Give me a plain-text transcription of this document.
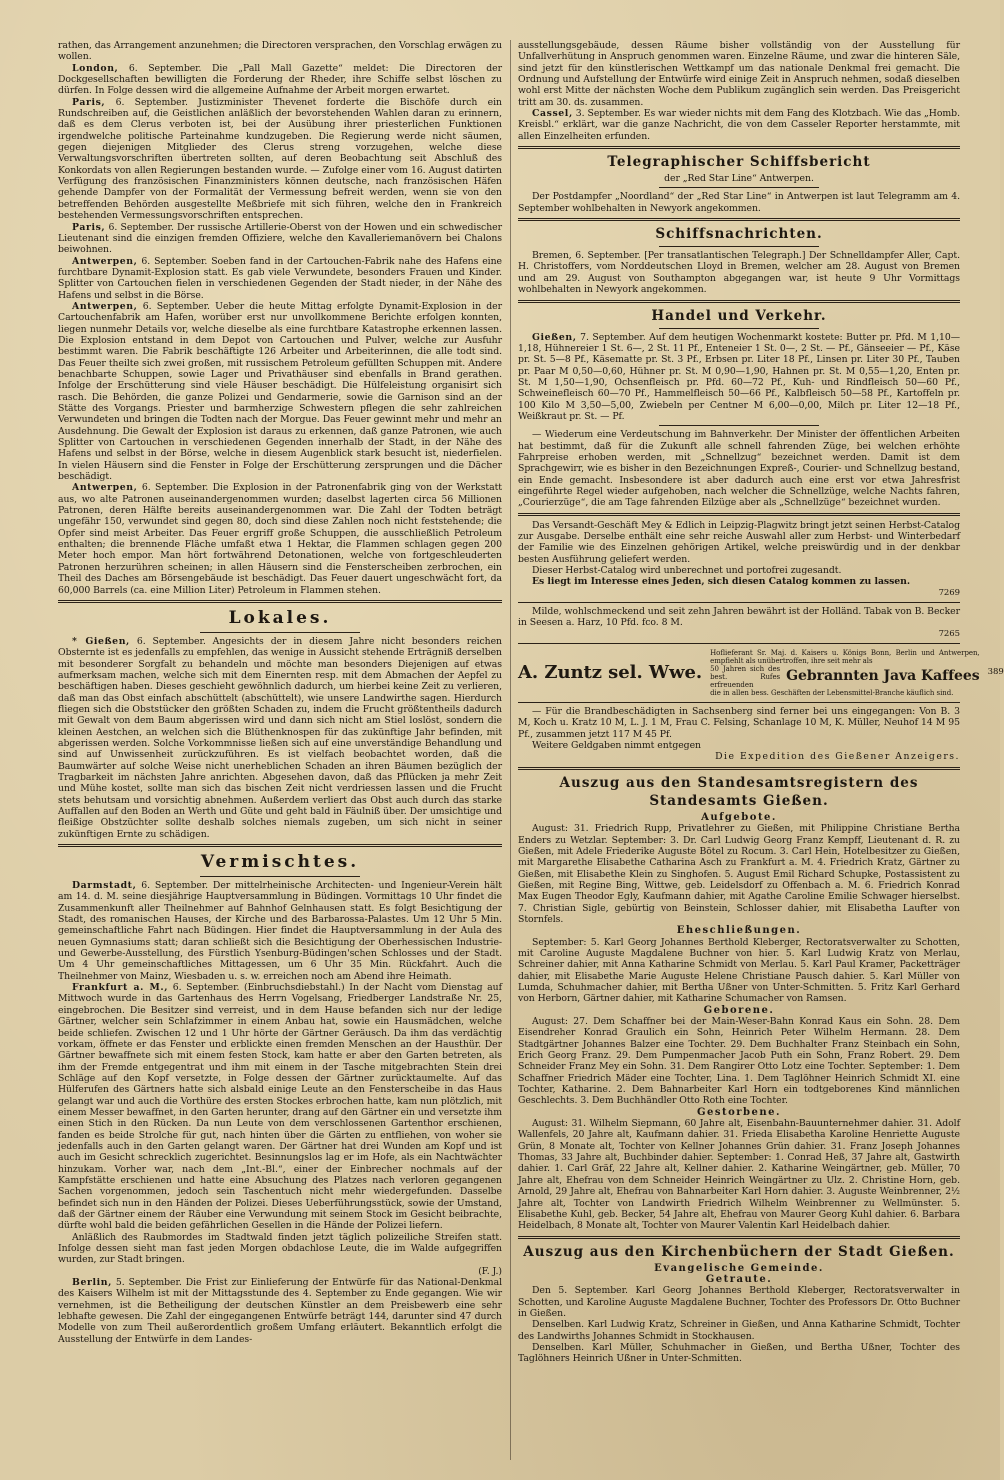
rathen, das Arrangement anzunehmen; die Directoren versprachen, den Vorschlag erwägen zu wollen.

London, 6. September. Die „Pall Mall Gazette“ meldet: Die Directoren der Dockgesellschaften bewilligten die Forderung der Rheder, ihre Schiffe selbst löschen zu dürfen. In Folge dessen wird die allgemeine Aufnahme der Arbeit morgen erwartet.

Paris, 6. September. Justizminister Thevenet forderte die Bischöfe durch ein Rundschreiben auf, die Geistlichen anläßlich der bevorstehenden Wahlen daran zu erinnern, daß es dem Clerus verboten ist, bei der Ausübung ihrer priesterlichen Funktionen irgendwelche politische Parteinahme kundzugeben. Die Regierung werde nicht säumen, gegen diejenigen Mitglieder des Clerus streng vorzugehen, welche diese Verwaltungsvorschriften übertreten sollten, auf deren Beobachtung seit Abschluß des Konkordats von allen Regierungen bestanden wurde. — Zufolge einer vom 16. August datirten Verfügung des französischen Finanzministers können deutsche, nach französischen Häfen gehende Dampfer von der Formalität der Vermessung befreit werden, wenn sie von den betreffenden Behörden ausgestellte Meßbriefe mit sich führen, welche den in Frankreich bestehenden Vermessungsvorschriften entsprechen.

Paris, 6. September. Der russische Artillerie-Oberst von der Howen und ein schwedischer Lieutenant sind die einzigen fremden Offiziere, welche den Kavalleriemanövern bei Chalons beiwohnen.

Antwerpen, 6. September. Soeben fand in der Cartouchen-Fabrik nahe des Hafens eine furchtbare Dynamit-Explosion statt. Es gab viele Verwundete, besonders Frauen und Kinder. Splitter von Cartouchen fielen in verschiedenen Gegenden der Stadt nieder, in der Nähe des Hafens und selbst in die Börse.

Antwerpen, 6. September. Ueber die heute Mittag erfolgte Dynamit-Explosion in der Cartouchenfabrik am Hafen, worüber erst nur unvollkommene Berichte erfolgen konnten, liegen nunmehr Details vor, welche dieselbe als eine furchtbare Katastrophe erkennen lassen. Die Explosion entstand in dem Depot von Cartouchen und Pulver, welche zur Ausfuhr bestimmt waren. Die Fabrik beschäftigte 126 Arbeiter und Arbeiterinnen, die alle todt sind. Das Feuer theilte sich zwei großen, mit russischem Petroleum gefüllten Schuppen mit. Andere benachbarte Schuppen, sowie Lager und Privathäuser sind ebenfalls in Brand gerathen. Infolge der Erschütterung sind viele Häuser beschädigt. Die Hülfeleistung organisirt sich rasch. Die Behörden, die ganze Polizei und Gendarmerie, sowie die Garnison sind an der Stätte des Vorgangs. Priester und barmherzige Schwestern pflegen die sehr zahlreichen Verwundeten und bringen die Todten nach der Morgue. Das Feuer gewinnt mehr und mehr an Ausdehnung. Die Gewalt der Explosion ist daraus zu erkennen, daß ganze Patronen, wie auch Splitter von Cartouchen in verschiedenen Gegenden innerhalb der Stadt, in der Nähe des Hafens und selbst in der Börse, welche in diesem Augenblick stark besucht ist, niederfielen. In vielen Häusern sind die Fenster in Folge der Erschütterung zersprungen und die Dächer beschädigt.

Antwerpen, 6. September. Die Explosion in der Patronenfabrik ging von der Werkstatt aus, wo alte Patronen auseinandergenommen wurden; daselbst lagerten circa 56 Millionen Patronen, deren Hälfte bereits auseinandergenommen war. Die Zahl der Todten beträgt ungefähr 150, verwundet sind gegen 80, doch sind diese Zahlen noch nicht feststehende; die Opfer sind meist Arbeiter. Das Feuer ergriff große Schuppen, die ausschließlich Petroleum enthalten; die brennende Fläche umfaßt etwa 1 Hektar, die Flammen schlagen gegen 200 Meter hoch empor. Man hört fortwährend Detonationen, welche von fortgeschleuderten Patronen herzurühren scheinen; in allen Häusern sind die Fensterscheiben zerbrochen, ein Theil des Daches am Börsengebäude ist beschädigt. Das Feuer dauert ungeschwächt fort, da 60,000 Barrels (ca. eine Million Liter) Petroleum in Flammen stehen.

Lokales.

* Gießen, 6. September. Angesichts der in diesem Jahre nicht besonders reichen Obsternte ist es jedenfalls zu empfehlen, das wenige in Aussicht stehende Erträgniß derselben mit besonderer Sorgfalt zu behandeln und möchte man besonders Diejenigen auf etwas aufmerksam machen, welche sich mit dem Einernten resp. mit dem Abmachen der Aepfel zu beschäftigen haben. Dieses geschieht gewöhnlich dadurch, um hierbei keine Zeit zu verlieren, daß man das Obst einfach abschüttelt (abschüttelt), wie unsere Landwirthe sagen. Hierdurch fliegen sich die Obststücker den größten Schaden zu, indem die Frucht größtentheils dadurch mit Gewalt von dem Baum abgerissen wird und dann sich nicht am Stiel loslöst, sondern die kleinen Aestchen, an welchen sich die Blüthenknospen für das zukünftige Jahr befinden, mit abgerissen werden. Solche Vorkommnisse ließen sich auf eine unverständige Behandlung und sind auf Unwissenheit zurückzuführen. Es ist vielfach beobachtet worden, daß die Baumwärter auf solche Weise nicht unerheblichen Schaden an ihren Bäumen bezüglich der Tragbarkeit im nächsten Jahre anrichten. Abgesehen davon, daß das Pflücken ja mehr Zeit und Mühe kostet, sollte man sich das bischen Zeit nicht verdriessen lassen und die Frucht stets behutsam und vorsichtig abnehmen. Außerdem verliert das Obst auch durch das starke Auffallen auf den Boden an Werth und Güte und geht bald in Fäulniß über. Der umsichtige und fleißige Obstzüchter sollte deshalb solches niemals zugeben, um sich nicht in seiner zukünftigen Ernte zu schädigen.

Vermischtes.

Darmstadt, 6. September. Der mittelrheinische Architecten- und Ingenieur-Verein hält am 14. d. M. seine diesjährige Hauptversammlung in Büdingen. Vormittags 10 Uhr findet die Zusammenkunft aller Theilnehmer auf Bahnhof Gelnhausen statt. Es folgt Besichtigung der Stadt, des romanischen Hauses, der Kirche und des Barbarossa-Palastes. Um 12 Uhr 5 Min. gemeinschaftliche Fahrt nach Büdingen. Hier findet die Hauptversammlung in der Aula des neuen Gymnasiums statt; daran schließt sich die Besichtigung der Oberhessischen Industrie- und Gewerbe-Ausstellung, des Fürstlich Ysenburg-Büdingen'schen Schlosses und der Stadt. Um 4 Uhr gemeinschaftliches Mittagessen, um 6 Uhr 35 Min. Rückfahrt. Auch die Theilnehmer von Mainz, Wiesbaden u. s. w. erreichen noch am Abend ihre Heimath.

Frankfurt a. M., 6. September. (Einbruchsdiebstahl.) In der Nacht vom Dienstag auf Mittwoch wurde in das Gartenhaus des Herrn Vogelsang, Friedberger Landstraße Nr. 25, eingebrochen. Die Besitzer sind verreist, und in dem Hause befanden sich nur der ledige Gärtner, welcher sein Schlafzimmer in einem Anbau hat, sowie ein Hausmädchen, welche beide schliefen. Zwischen 12 und 1 Uhr hörte der Gärtner Geräusch. Da ihm das verdächtig vorkam, öffnete er das Fenster und erblickte einen fremden Menschen an der Hausthür. Der Gärtner bewaffnete sich mit einem festen Stock, kam hatte er aber den Garten betreten, als ihm der Fremde entgegentrat und ihm mit einem in der Tasche mitgebrachten Stein drei Schläge auf den Kopf versetzte, in Folge dessen der Gärtner zurücktaumelte. Auf das Hülferufen des Gärtners hatte sich alsbald einige Leute an den Fensterscheibe in das Haus gelangt war und auch die Vorthüre des ersten Stockes erbrochen hatte, kam nun plötzlich, mit einem Messer bewaffnet, in den Garten herunter, drang auf den Gärtner ein und versetzte ihm einen Stich in den Rücken. Da nun Leute von dem verschlossenen Gartenthor erschienen, fanden es beide Strolche für gut, nach hinten über die Gärten zu entfliehen, von woher sie jedenfalls auch in den Garten gelangt waren. Der Gärtner hat drei Wunden am Kopf und ist auch im Gesicht schrecklich zugerichtet. Besinnungslos lag er im Hofe, als ein Nachtwächter hinzukam. Vorher war, nach dem „Int.-Bl.“, einer der Einbrecher nochmals auf der Kampfstätte erschienen und hatte eine Absuchung des Platzes nach verloren gegangenen Sachen vorgenommen, jedoch sein Taschentuch nicht mehr wiedergefunden. Dasselbe befindet sich nun in den Händen der Polizei. Dieses Ueberführungsstück, sowie der Umstand, daß der Gärtner einem der Räuber eine Verwundung mit seinem Stock im Gesicht beibrachte, dürfte wohl bald die beiden gefährlichen Gesellen in die Hände der Polizei liefern.

Anläßlich des Raubmordes im Stadtwald finden jetzt täglich polizeiliche Streifen statt. Infolge dessen sieht man fast jeden Morgen obdachlose Leute, die im Walde aufgegriffen wurden, zur Stadt bringen.

(F. J.)

Berlin, 5. September. Die Frist zur Einlieferung der Entwürfe für das National-Denkmal des Kaisers Wilhelm ist mit der Mittagsstunde des 4. September zu Ende gegangen. Wie wir vernehmen, ist die Betheiligung der deutschen Künstler an dem Preisbewerb eine sehr lebhafte gewesen. Die Zahl der eingegangenen Entwürfe beträgt 144, darunter sind 47 durch Modelle von zum Theil außerordentlich großem Umfang erläutert. Bekanntlich erfolgt die Ausstellung der Entwürfe in dem Landes-

ausstellungsgebäude, dessen Räume bisher vollständig von der Ausstellung für Unfallverhütung in Anspruch genommen waren. Einzelne Räume, und zwar die hinteren Säle, sind jetzt für den künstlerischen Wettkampf um das nationale Denkmal frei gemacht. Die Ordnung und Aufstellung der Entwürfe wird einige Zeit in Anspruch nehmen, sodaß dieselben wohl erst Mitte der nächsten Woche dem Publikum zugänglich sein werden. Das Preisgericht tritt am 30. ds. zusammen.

Cassel, 3. September. Es war wieder nichts mit dem Fang des Klotzbach. Wie das „Homb. Kreisbl.“ erklärt, war die ganze Nachricht, die von dem Casseler Reporter herstammte, mit allen Einzelheiten erfunden.

Telegraphischer Schiffsbericht
der „Red Star Line“ Antwerpen.

Der Postdampfer „Noordland“ der „Red Star Line“ in Antwerpen ist laut Telegramm am 4. September wohlbehalten in Newyork angekommen.

Schiffsnachrichten.

Bremen, 6. September. [Per transatlantischen Telegraph.] Der Schnelldampfer Aller, Capt. H. Christoffers, vom Norddeutschen Lloyd in Bremen, welcher am 28. August von Bremen und am 29. August von Southampton abgegangen war, ist heute 9 Uhr Vormittags wohlbehalten in Newyork angekommen.

Handel und Verkehr.

Gießen, 7. September. Auf dem heutigen Wochenmarkt kostete: Butter pr. Pfd. M 1,10—1,18, Hühnereier 1 St. 6—, 2 St. 11 Pf., Enteneier 1 St. 0—, 2 St. — Pf., Gänseeier — Pf., Käse pr. St. 5—8 Pf., Käsematte pr. St. 3 Pf., Erbsen pr. Liter 18 Pf., Linsen pr. Liter 30 Pf., Tauben pr. Paar M 0,50—0,60, Hühner pr. St. M 0,90—1,90, Hahnen pr. St. M 0,55—1,20, Enten pr. St. M 1,50—1,90, Ochsenfleisch pr. Pfd. 60—72 Pf., Kuh- und Rindfleisch 50—60 Pf., Schweinefleisch 60—70 Pf., Hammelfleisch 50—66 Pf., Kalbfleisch 50—58 Pf., Kartoffeln pr. 100 Kilo M 3,50—5,00, Zwiebeln per Centner M 6,00—0,00, Milch pr. Liter 12—18 Pf., Weißkraut pr. St. — Pf.

— Wiederum eine Verdeutschung im Bahnverkehr. Der Minister der öffentlichen Arbeiten hat bestimmt, daß für die Zukunft alle schnell fahrenden Züge, bei welchen erhöhte Fahrpreise erhoben werden, mit „Schnellzug“ bezeichnet werden. Damit ist dem Sprachgewirr, wie es bisher in den Bezeichnungen Expreß-, Courier- und Schnellzug bestand, ein Ende gemacht. Insbesondere ist aber dadurch auch eine erst vor etwa Jahresfrist eingeführte Regel wieder aufgehoben, nach welcher die Schnellzüge, welche Nachts fahren, „Courierzüge“, die am Tage fahrenden Eilzüge aber als „Schnellzüge“ bezeichnet wurden.

Das Versandt-Geschäft Mey & Edlich in Leipzig-Plagwitz bringt jetzt seinen Herbst-Catalog zur Ausgabe. Derselbe enthält eine sehr reiche Auswahl aller zum Herbst- und Winterbedarf der Familie wie des Einzelnen gehörigen Artikel, welche preiswürdig und in der denkbar besten Ausführung geliefert werden.

Dieser Herbst-Catalog wird unberechnet und portofrei zugesandt.

Es liegt im Interesse eines Jeden, sich diesen Catalog kommen zu lassen.

7269

Milde, wohlschmeckend und seit zehn Jahren bewährt ist der Holländ. Tabak von B. Becker in Seesen a. Harz, 10 Pfd. fco. 8 M.

7265
A. Zuntz sel. Wwe.
Hoflieferant Sr. Maj. d. Kaisers u. Königs Bonn, Berlin und Antwerpen, empfiehlt als unübertroffen, ihre seit mehr als
50 Jahren sich des best. Rufes erfreuenden
Gebrannten Java Kaffees
die in allen bess. Geschäften der Lebensmittel-Branche käuflich sind.
389

— Für die Brandbeschädigten in Sachsenberg sind ferner bei uns eingegangen: Von B. 3 M, Koch u. Kratz 10 M, L. J. 1 M, Frau C. Felsing, Schanlage 10 M, K. Müller, Neuhof 14 M 95 Pf., zusammen jetzt 117 M 45 Pf.

Weitere Geldgaben nimmt entgegen

Die Expedition des Gießener Anzeigers.
Auszug aus den Standesamtsregistern des Standesamts Gießen.
Aufgebote.

August: 31. Friedrich Rupp, Privatlehrer zu Gießen, mit Philippine Christiane Bertha Enders zu Wetzlar. September: 3. Dr. Carl Ludwig Georg Franz Kempff, Lieutenant d. R. zu Gießen, mit Adele Friederike Auguste Bötel zu Rocum. 3. Carl Hein, Hotelbesitzer zu Gießen, mit Margarethe Elisabethe Catharina Asch zu Frankfurt a. M. 4. Friedrich Kratz, Gärtner zu Gießen, mit Elisabethe Klein zu Singhofen. 5. August Emil Richard Schupke, Postassistent zu Gießen, mit Regine Bing, Wittwe, geb. Leidelsdorf zu Offenbach a. M. 6. Friedrich Konrad Max Eugen Theodor Egly, Kaufmann dahier, mit Agathe Caroline Emilie Schwager hierselbst. 7. Christian Sigle, gebürtig von Beinstein, Schlosser dahier, mit Elisabetha Laufter von Stornfels.

Eheschließungen.

September: 5. Karl Georg Johannes Berthold Kleberger, Rectoratsverwalter zu Schotten, mit Caroline Auguste Magdalene Buchner von hier. 5. Karl Ludwig Kratz von Merlau, Schreiner dahier, mit Anna Katharine Schmidt von Merlau. 5. Karl Paul Kramer, Packetträger dahier, mit Elisabethe Marie Auguste Helene Christiane Pausch dahier. 5. Karl Müller von Lumda, Schuhmacher dahier, mit Bertha Ußner von Unter-Schmitten. 5. Fritz Karl Gerhard von Herborn, Gärtner dahier, mit Katharine Schumacher von Ramsen.

Geborene.

August: 27. Dem Schaffner bei der Main-Weser-Bahn Konrad Kaus ein Sohn. 28. Dem Eisendreher Konrad Graulich ein Sohn, Heinrich Peter Wilhelm Hermann. 28. Dem Stadtgärtner Johannes Balzer eine Tochter. 29. Dem Buchhalter Franz Steinbach ein Sohn, Erich Georg Franz. 29. Dem Pumpenmacher Jacob Puth ein Sohn, Franz Robert. 29. Dem Schneider Franz Mey ein Sohn. 31. Dem Rangirer Otto Lotz eine Tochter. September: 1. Dem Schaffner Friedrich Mäder eine Tochter, Lina. 1. Dem Taglöhner Heinrich Schmidt XI. eine Tochter, Katharine. 2. Dem Bahnarbeiter Karl Horn ein todtgeborenes Kind männlichen Geschlechts. 3. Dem Buchhändler Otto Roth eine Tochter.

Gestorbene.

August: 31. Wilhelm Siepmann, 60 Jahre alt, Eisenbahn-Bauunternehmer dahier. 31. Adolf Wallenfels, 20 Jahre alt, Kaufmann dahier. 31. Frieda Elisabetha Karoline Henriette Auguste Grün, 8 Monate alt, Tochter von Kellner Johannes Grün dahier. 31. Franz Joseph Johannes Thomas, 33 Jahre alt, Buchbinder dahier. September: 1. Conrad Heß, 37 Jahre alt, Gastwirth dahier. 1. Carl Gräf, 22 Jahre alt, Kellner dahier. 2. Katharine Weingärtner, geb. Müller, 70 Jahre alt, Ehefrau von dem Schneider Heinrich Weingärtner zu Ulz. 2. Christine Horn, geb. Arnold, 29 Jahre alt, Ehefrau von Bahnarbeiter Karl Horn dahier. 3. Auguste Weinbrenner, 2½ Jahre alt, Tochter von Landwirth Friedrich Wilhelm Weinbrenner zu Wellmünster. 5. Elisabethe Kuhl, geb. Becker, 54 Jahre alt, Ehefrau von Maurer Georg Kuhl dahier. 6. Barbara Heidelbach, 8 Monate alt, Tochter von Maurer Valentin Karl Heidelbach dahier.

Auszug aus den Kirchenbüchern der Stadt Gießen.
Evangelische Gemeinde.
Getraute.

Den 5. September. Karl Georg Johannes Berthold Kleberger, Rectoratsverwalter in Schotten, und Karoline Auguste Magdalene Buchner, Tochter des Professors Dr. Otto Buchner in Gießen.

Denselben. Karl Ludwig Kratz, Schreiner in Gießen, und Anna Katharine Schmidt, Tochter des Landwirths Johannes Schmidt in Stockhausen.

Denselben. Karl Müller, Schuhmacher in Gießen, und Bertha Ußner, Tochter des Taglöhners Heinrich Ußner in Unter-Schmitten.
